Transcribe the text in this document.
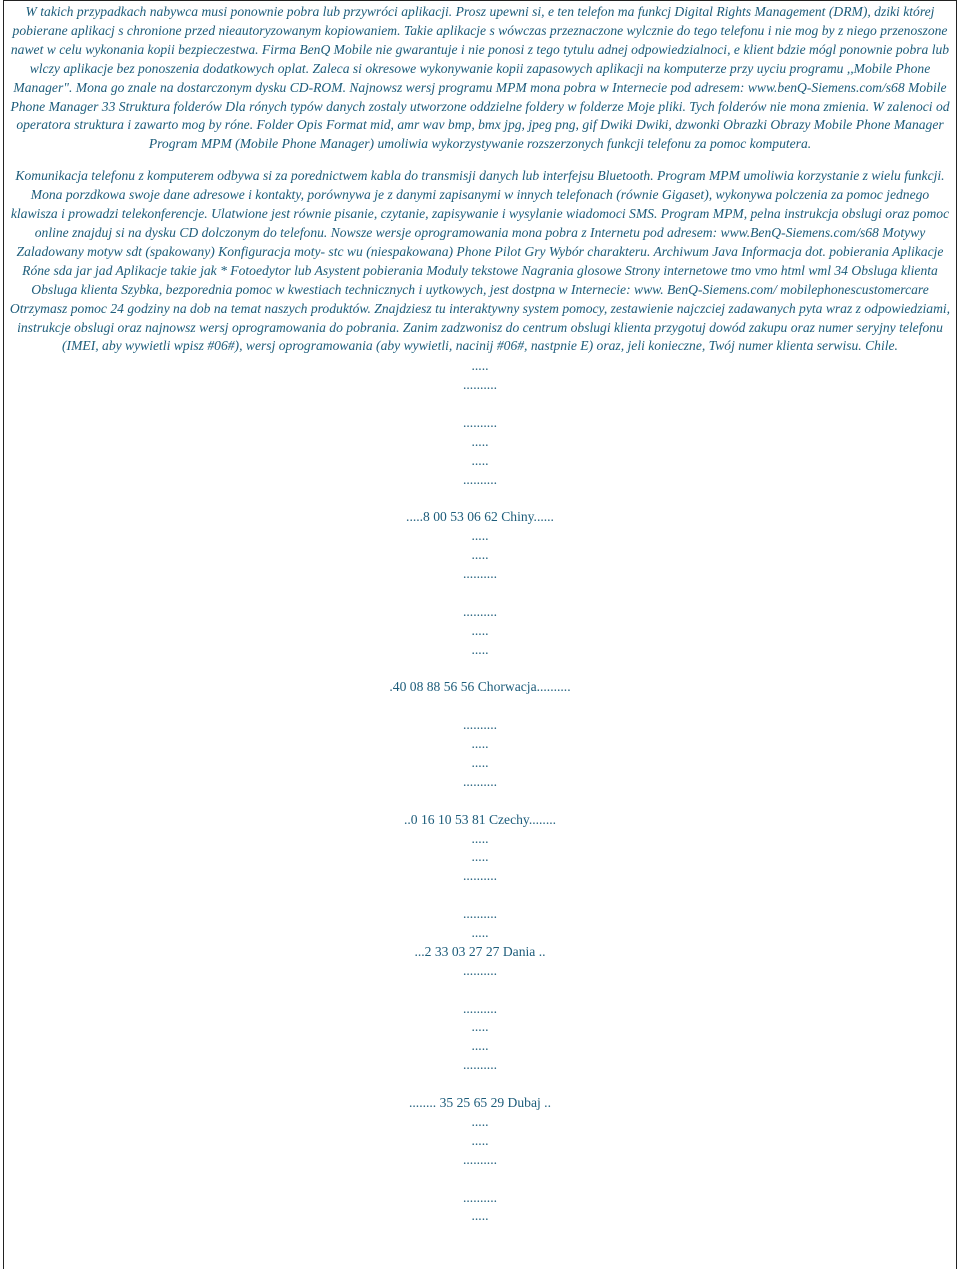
W takich przypadkach nabywca musi ponownie pobra lub przywróci aplikacji. Prosz upewni si, e ten telefon ma funkcj Digital Rights Management (DRM), dziki której pobierane aplikacj s chronione przed nieautoryzowanym kopiowaniem. Takie aplikacje s wówczas przeznaczone wylcznie do tego telefonu i nie mog by z niego przenoszone nawet w celu wykonania kopii bezpieczestwa. Firma BenQ Mobile nie gwarantuje i nie ponosi z tego tytulu adnej odpowiedzialnoci, e klient bdzie mógl ponownie pobra lub wlczy aplikacje bez ponoszenia dodatkowych oplat. Zaleca si okresowe wykonywanie kopii zapasowych aplikacji na komputerze przy uyciu programu ,,Mobile Phone Manager". Mona go znale na dostarczonym dysku CD-ROM. Najnowsz wersj programu MPM mona pobra w Internecie pod adresem: www.benQ-Siemens.com/s68 Mobile Phone Manager 33 Struktura folderów Dla rónych typów danych zostaly utworzone oddzielne foldery w folderze Moje pliki. Tych folderów nie mona zmienia. W zalenoci od operatora struktura i zawarto mog by róne. Folder Opis Format mid, amr wav bmp, bmx jpg, jpeg png, gif Dwiki Dwiki, dzwonki Obrazki Obrazy Mobile Phone Manager Program MPM (Mobile Phone Manager) umoliwia wykorzystywanie rozszerzonych funkcji telefonu za pomoc komputera.

Komunikacja telefonu z komputerem odbywa si za porednictwem kabla do transmisji danych lub interfejsu Bluetooth. Program MPM umoliwia korzystanie z wielu funkcji. Mona porzdkowa swoje dane adresowe i kontakty, porównywa je z danymi zapisanymi w innych telefonach (równie Gigaset), wykonywa polczenia za pomoc jednego klawisza i prowadzi telekonferencje. Ulatwione jest równie pisanie, czytanie, zapisywanie i wysylanie wiadomoci SMS. Program MPM, pelna instrukcja obslugi oraz pomoc online znajduj si na dysku CD dolczonym do telefonu. Nowsze wersje oprogramowania mona pobra z Internetu pod adresem: www.BenQ-Siemens.com/s68 Motywy Zaladowany motyw sdt (spakowany) Konfiguracja moty- stc wu (niespakowana) Phone Pilot Gry Wybór charakteru. Archiwum Java Informacja dot. pobierania Aplikacje Róne sda jar jad Aplikacje takie jak * Fotoedytor lub Asystent pobierania Moduly tekstowe Nagrania glosowe Strony internetowe tmo vmo html wml 34 Obsluga klienta Obsluga klienta Szybka, bezporednia pomoc w kwestiach technicznych i uytkowych, jest dostpna w Internecie: www. BenQ-Siemens.com/ mobilephonescustomercare Otrzymasz pomoc 24 godziny na dob na temat naszych produktów. Znajdziesz tu interaktywny system pomocy, zestawienie najczciej zadawanych pyta wraz z odpowiedziami, instrukcje obslugi oraz najnowsz wersj oprogramowania do pobrania. Zanim zadzwonisz do centrum obslugi klienta przygotuj dowód zakupu oraz numer seryjny telefonu (IMEI, aby wywietli wpisz #06#), wersj oprogramowania (aby wywietli, nacinij #06#, nastpnie E) oraz, jeli konieczne, Twój numer klienta serwisu. Chile.

.....
..........
..........
.....
.....
..........
.....8 00 53 06 62 Chiny......
.....
.....
..........
..........
.....
.....
.40 08 88 56 56 Chorwacja..........
..........
.....
.....
..........
..0 16 10 53 81 Czechy........
.....
.....
..........
..........
.....
...2 33 03 27 27 Dania ..
..........
..........
.....
.....
..........
........ 35 25 65 29 Dubaj ..
.....
.....
..........
..........
.....
